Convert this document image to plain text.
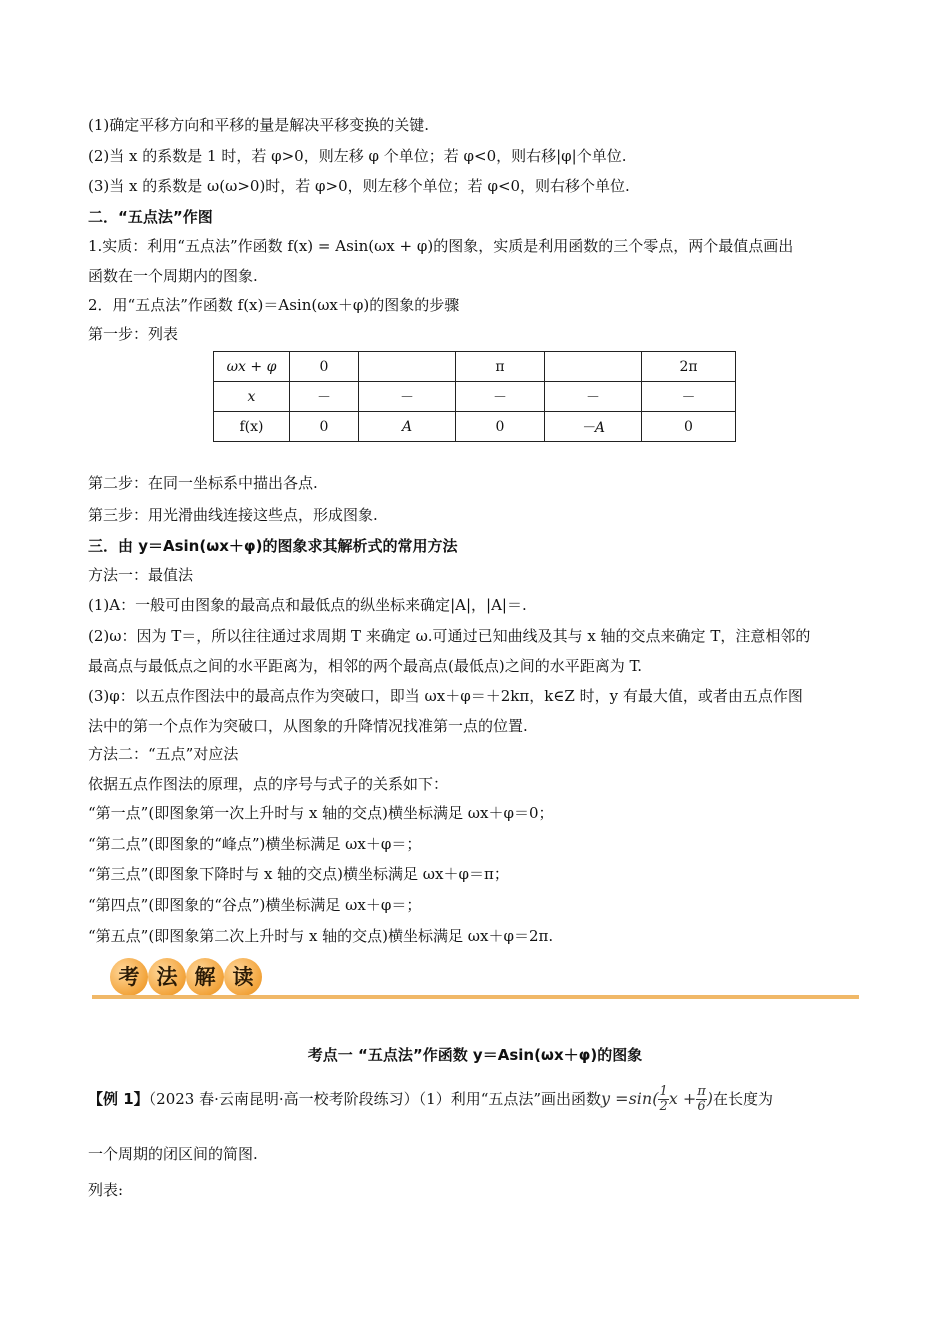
(1)确定平移方向和平移的量是解决平移变换的关键.
(2)当 x 的系数是 1 时，若 φ>0，则左移 φ 个单位；若 φ<0，则右移|φ|个单位.
(3)当 x 的系数是 ω(ω>0)时，若 φ>0，则左移个单位；若 φ<0，则右移个单位.
二．“五点法”作图
1.实质：利用“五点法”作函数 f(x) = Asin(ωx + φ)的图象，实质是利用函数的三个零点，两个最值点画出
函数在一个周期内的图象.
2．用“五点法”作函数 f(x)＝Asin(ωx＋φ)的图象的步骤
第一步：列表
ωx + φ	0		π		2π
x	－	－	－	－	－
f(x)	0	A	0	－A	0
第二步：在同一坐标系中描出各点.
第三步：用光滑曲线连接这些点，形成图象.
三．由 y＝Asin(ωx＋φ)的图象求其解析式的常用方法
方法一：最值法
(1)A：一般可由图象的最高点和最低点的纵坐标来确定|A|，|A|＝.
(2)ω：因为 T＝，所以往往通过求周期 T 来确定 ω.可通过已知曲线及其与 x 轴的交点来确定 T，注意相邻的
最高点与最低点之间的水平距离为，相邻的两个最高点(最低点)之间的水平距离为 T.
(3)φ：以五点作图法中的最高点作为突破口，即当 ωx＋φ＝＋2kπ，k∈Z 时，y 有最大值，或者由五点作图
法中的第一个点作为突破口，从图象的升降情况找准第一点的位置.
方法二：“五点”对应法
依据五点作图法的原理，点的序号与式子的关系如下：
“第一点”(即图象第一次上升时与 x 轴的交点)横坐标满足 ωx＋φ＝0；
“第二点”(即图象的“峰点”)横坐标满足 ωx＋φ＝；
“第三点”(即图象下降时与 x 轴的交点)横坐标满足 ωx＋φ＝π；
“第四点”(即图象的“谷点”)横坐标满足 ωx＋φ＝；
“第五点”(即图象第二次上升时与 x 轴的交点)横坐标满足 ωx＋φ＝2π.
考 法 解 读
考点一 “五点法”作函数 y＝Asin(ωx＋φ)的图象
【例 1】（2023 春·云南昆明·高一校考阶段练习）（1）利用“五点法”画出函数$y =\sin( \frac{1}{2}$ $x + \frac{\pi}{6}$ )在长度为
一个周期的闭区间的简图.
列表:
